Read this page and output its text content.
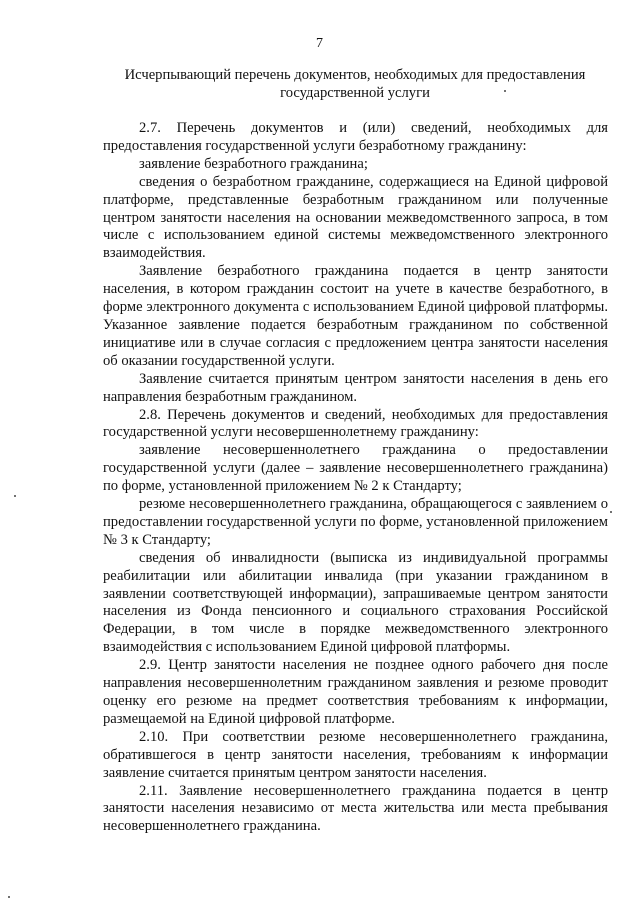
7
Исчерпывающий перечень документов, необходимых для предоставления государственной услуги

2.7. Перечень документов и (или) сведений, необходимых для предоставления государственной услуги безработному гражданину:

заявление безработного гражданина;

сведения о безработном гражданине, содержащиеся на Единой цифровой платформе, представленные безработным гражданином или полученные центром занятости населения на основании межведомственного запроса, в том числе с использованием единой системы межведомственного электронного взаимодействия.

Заявление безработного гражданина подается в центр занятости населения, в котором гражданин состоит на учете в качестве безработного, в форме электронного документа с использованием Единой цифровой платформы. Указанное заявление подается безработным гражданином по собственной инициативе или в случае согласия с предложением центра занятости населения об оказании государственной услуги.

Заявление считается принятым центром занятости населения в день его направления безработным гражданином.

2.8. Перечень документов и сведений, необходимых для предоставления государственной услуги несовершеннолетнему гражданину:

заявление несовершеннолетнего гражданина о предоставлении государственной услуги (далее – заявление несовершеннолетнего гражданина) по форме, установленной приложением № 2 к Стандарту;

резюме несовершеннолетнего гражданина, обращающегося с заявлением о предоставлении государственной услуги по форме, установленной приложением № 3 к Стандарту;

сведения об инвалидности (выписка из индивидуальной программы реабилитации или абилитации инвалида (при указании гражданином в заявлении соответствующей информации), запрашиваемые центром занятости населения из Фонда пенсионного и социального страхования Российской Федерации, в том числе в порядке межведомственного электронного взаимодействия с использованием Единой цифровой платформы.

2.9. Центр занятости населения не позднее одного рабочего дня после направления несовершеннолетним гражданином заявления и резюме проводит оценку его резюме на предмет соответствия требованиям к информации, размещаемой на Единой цифровой платформе.

2.10. При соответствии резюме несовершеннолетнего гражданина, обратившегося в центр занятости населения, требованиям к информации заявление считается принятым центром занятости населения.

2.11. Заявление несовершеннолетнего гражданина подается в центр занятости населения независимо от места жительства или места пребывания несовершеннолетнего гражданина.
